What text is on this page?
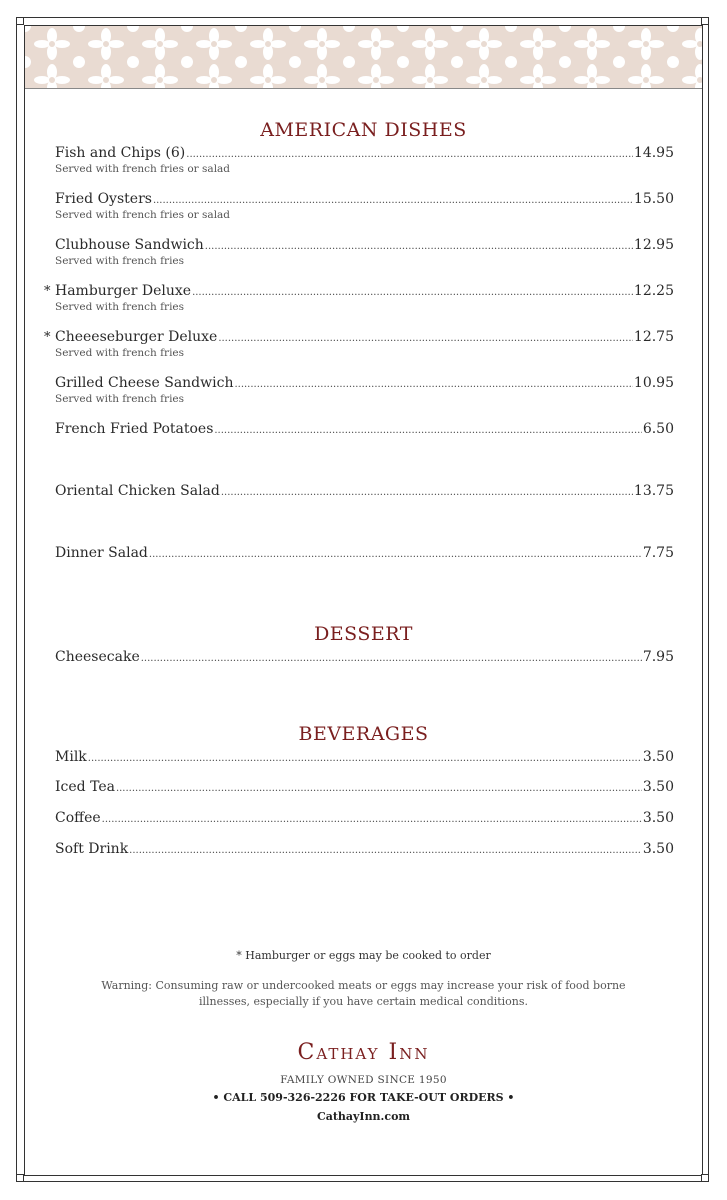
AMERICAN DISHES
*
*
Fish and Chips (6) .....	14.95
Served with french fries or salad
Fried Oysters .....	15.50
Served with french fries or salad
Clubhouse Sandwich .....	12.95
Served with french fries
Hamburger Deluxe .....	12.25
Served with french fries
Cheeeseburger Deluxe .....	12.75
Served with french fries
Grilled Cheese Sandwich .....	10.95
Served with french fries
French Fried Potatoes .....	6.50
Oriental Chicken Salad .....	13.75
Dinner Salad .....	7.75
DESSERT
Cheesecake .....	7.95
BEVERAGES
Milk .....	3.50
Iced Tea .....	3.50
Coffee .....	3.50
Soft Drink .....	3.50
* Hamburger or eggs may be cooked to order
Warning: Consuming raw or undercooked meats or eggs may increase your risk of food borne
illnesses, especially if you have certain medical conditions.
Cathay Inn
FAMILY OWNED SINCE 1950
• CALL 509-326-2226 FOR TAKE-OUT ORDERS •
CathayInn.com
